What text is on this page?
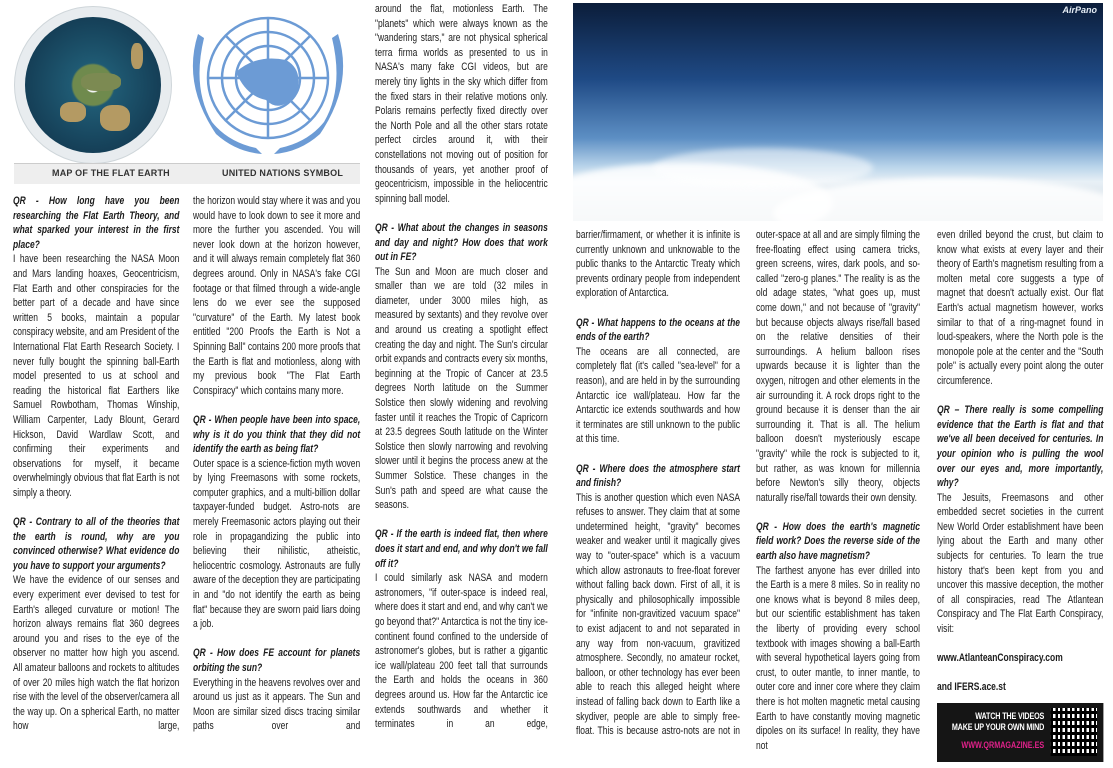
MAP OF THE FLAT EARTH	UNITED NATIONS SYMBOL
AirPano

QR - How long have you been researching the Flat Earth Theory, and what sparked your interest in the first place?

I have been researching the NASA Moon and Mars landing hoaxes, Geocentricism, Flat Earth and other conspiracies for the better part of a decade and have since written 5 books, maintain a popular conspiracy website, and am President of the International Flat Earth Research Society. I never fully bought the spinning ball-Earth model presented to us at school and reading the historical flat Earthers like Samuel Rowbotham, Thomas Winship, William Carpenter, Lady Blount, Gerard Hickson, David Wardlaw Scott, and confirming their experiments and observations for myself, it became overwhelmingly obvious that flat Earth is not simply a theory.

QR - Contrary to all of the theories that the earth is round, why are you convinced otherwise? What evidence do you have to support your arguments?

We have the evidence of our senses and every experiment ever devised to test for Earth's alleged curvature or motion! The horizon always remains flat 360 degrees around you and rises to the eye of the observer no matter how high you ascend. All amateur balloons and rockets to altitudes of over 20 miles high watch the flat horizon rise with the level of the observer/camera all the way up. On a spherical Earth, no matter how large,

the horizon would stay where it was and you would have to look down to see it more and more the further you ascended. You will never look down at the horizon however, and it will always remain completely flat 360 degrees around. Only in NASA's fake CGI footage or that filmed through a wide-angle lens do we ever see the supposed "curvature" of the Earth. My latest book entitled "200 Proofs the Earth is Not a Spinning Ball" contains 200 more proofs that the Earth is flat and motionless, along with my previous book "The Flat Earth Conspiracy" which contains many more.

QR - When people have been into space, why is it do you think that they did not identify the earth as being flat?

Outer space is a science-fiction myth woven by lying Freemasons with some rockets, computer graphics, and a multi-billion dollar taxpayer-funded budget. Astro-nots are merely Freemasonic actors playing out their role in propagandizing the public into believing their nihilistic, atheistic, heliocentric cosmology. Astronauts are fully aware of the deception they are participating in and "do not identify the earth as being flat" because they are sworn paid liars doing a job.

QR - How does FE account for planets orbiting the sun?

Everything in the heavens revolves over and around us just as it appears. The Sun and Moon are similar sized discs tracing similar paths over and

around the flat, motionless Earth. The "planets" which were always known as the "wandering stars," are not physical spherical terra firma worlds as presented to us in NASA's many fake CGI videos, but are merely tiny lights in the sky which differ from the fixed stars in their relative motions only. Polaris remains perfectly fixed directly over the North Pole and all the other stars rotate perfect circles around it, with their constellations not moving out of position for thousands of years, yet another proof of geocentricism, impossible in the heliocentric spinning ball model.

QR - What about the changes in seasons and day and night? How does that work out in FE?

The Sun and Moon are much closer and smaller than we are told (32 miles in diameter, under 3000 miles high, as measured by sextants) and they revolve over and around us creating a spotlight effect creating the day and night. The Sun's circular orbit expands and contracts every six months, beginning at the Tropic of Cancer at 23.5 degrees North latitude on the Summer Solstice then slowly widening and revolving faster until it reaches the Tropic of Capricorn at 23.5 degrees South latitude on the Winter Solstice then slowly narrowing and revolving slower until it begins the process anew at the Summer Solstice. These changes in the Sun's path and speed are what cause the seasons.

QR - If the earth is indeed flat, then where does it start and end, and why don't we fall off it?

I could similarly ask NASA and modern astronomers, "if outer-space is indeed real, where does it start and end, and why can't we go beyond that?" Antarctica is not the tiny ice-continent found confined to the underside of astronomer's globes, but is rather a gigantic ice wall/plateau 200 feet tall that surrounds the Earth and holds the oceans in 360 degrees around us. How far the Antarctic ice extends southwards and whether it terminates in an edge,

barrier/firmament, or whether it is infinite is currently unknown and unknowable to the public thanks to the Antarctic Treaty which prevents ordinary people from independent exploration of Antarctica.

QR - What happens to the oceans at the ends of the earth?

The oceans are all connected, are completely flat (it's called "sea-level" for a reason), and are held in by the surrounding Antarctic ice wall/plateau. How far the Antarctic ice extends southwards and how it terminates are still unknown to the public at this time.

QR - Where does the atmosphere start and finish?

This is another question which even NASA refuses to answer. They claim that at some undetermined height, "gravity" becomes weaker and weaker until it magically gives way to "outer-space" which is a vacuum which allow astronauts to free-float forever without falling back down. First of all, it is physically and philosophically impossible for "infinite non-gravitized vacuum space" to exist adjacent to and not separated in any way from non-vacuum, gravitized atmosphere. Secondly, no amateur rocket, balloon, or other technology has ever been able to reach this alleged height where instead of falling back down to Earth like a skydiver, people are able to simply free-float. This is because astro-nots are not in

outer-space at all and are simply filming the free-floating effect using camera tricks, green screens, wires, dark pools, and so-called "zero-g planes." The reality is as the old adage states, "what goes up, must come down," and not because of "gravity" but because objects always rise/fall based on the relative densities of their surroundings. A helium balloon rises upwards because it is lighter than the oxygen, nitrogen and other elements in the air surrounding it. A rock drops right to the ground because it is denser than the air surrounding it. That is all. The helium balloon doesn't mysteriously escape "gravity" while the rock is subjected to it, but rather, as was known for millennia before Newton's silly theory, objects naturally rise/fall towards their own density.

QR - How does the earth's magnetic field work? Does the reverse side of the earth also have magnetism?

The farthest anyone has ever drilled into the Earth is a mere 8 miles. So in reality no one knows what is beyond 8 miles deep, but our scientific establishment has taken the liberty of providing every school textbook with images showing a ball-Earth with several hypothetical layers going from crust, to outer mantle, to inner mantle, to outer core and inner core where they claim there is hot molten magnetic metal causing Earth to have constantly moving magnetic dipoles on its surface! In reality, they have not

even drilled beyond the crust, but claim to know what exists at every layer and their theory of Earth's magnetism resulting from a molten metal core suggests a type of magnet that doesn't actually exist. Our flat Earth's actual magnetism however, works similar to that of a ring-magnet found in loud-speakers, where the North pole is the monopole pole at the center and the "South pole" is actually every point along the outer circumference.

QR – There really is some compelling evidence that the Earth is flat and that we've all been deceived for centuries. In your opinion who is pulling the wool over our eyes and, more importantly, why?

The Jesuits, Freemasons and other embedded secret societies in the current New World Order establishment have been lying about the Earth and many other subjects for centuries. To learn the true history that's been kept from you and uncover this massive deception, the mother of all conspiracies, read The Atlantean Conspiracy and The Flat Earth Conspiracy, visit:

www.AtlanteanConspiracy.com

and IFERS.ace.st

WATCH THE VIDEOS
MAKE UP YOUR OWN MIND
WWW.QRMAGAZINE.ES
